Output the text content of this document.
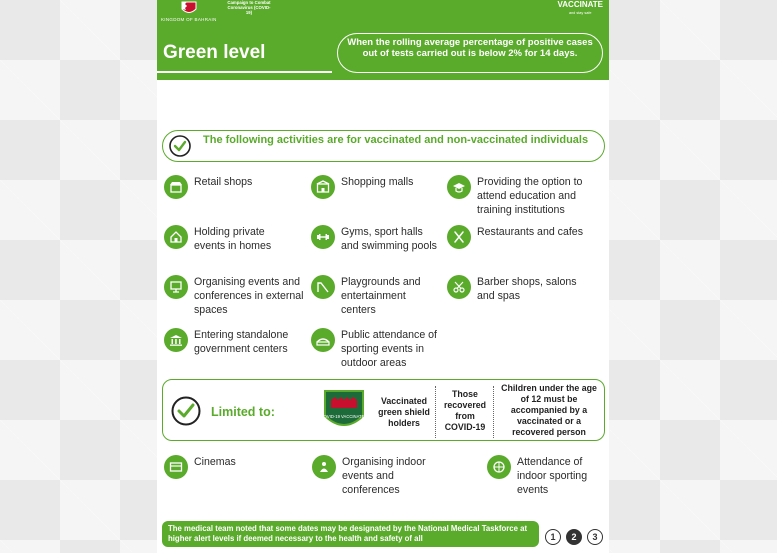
KINGDOM OF BAHRAIN
Campaign to Combat Coronavirus (COVID-19)
VACCINATE
and stay safe
Green level	When the rolling average percentage of positive cases out of tests carried out is below 2% for 14 days.
The following activities are for vaccinated and non-vaccinated individuals
Retail shops	Shopping malls	Providing the option to attend education and training institutions
Holding private events in homes
Gyms, sport halls and swimming pools
Restaurants and cafes
Organising events and conferences in external spaces
Playgrounds and entertainment centers
Barber shops, salons and spas
Entering standalone government centers
Public attendance of sporting events in outdoor areas
Limited to:	COVID-19 VACCINATED
Vaccinated green shield holders
Those recovered from COVID-19
Children under the age of 12 must be accompanied by a vaccinated or a recovered person
Cinemas	Organising indoor events and conferences
Attendance of indoor sporting events
The medical team noted that some dates may be designated by the National Medical Taskforce at higher alert levels if deemed necessary to the health and safety of all	1	2	3
